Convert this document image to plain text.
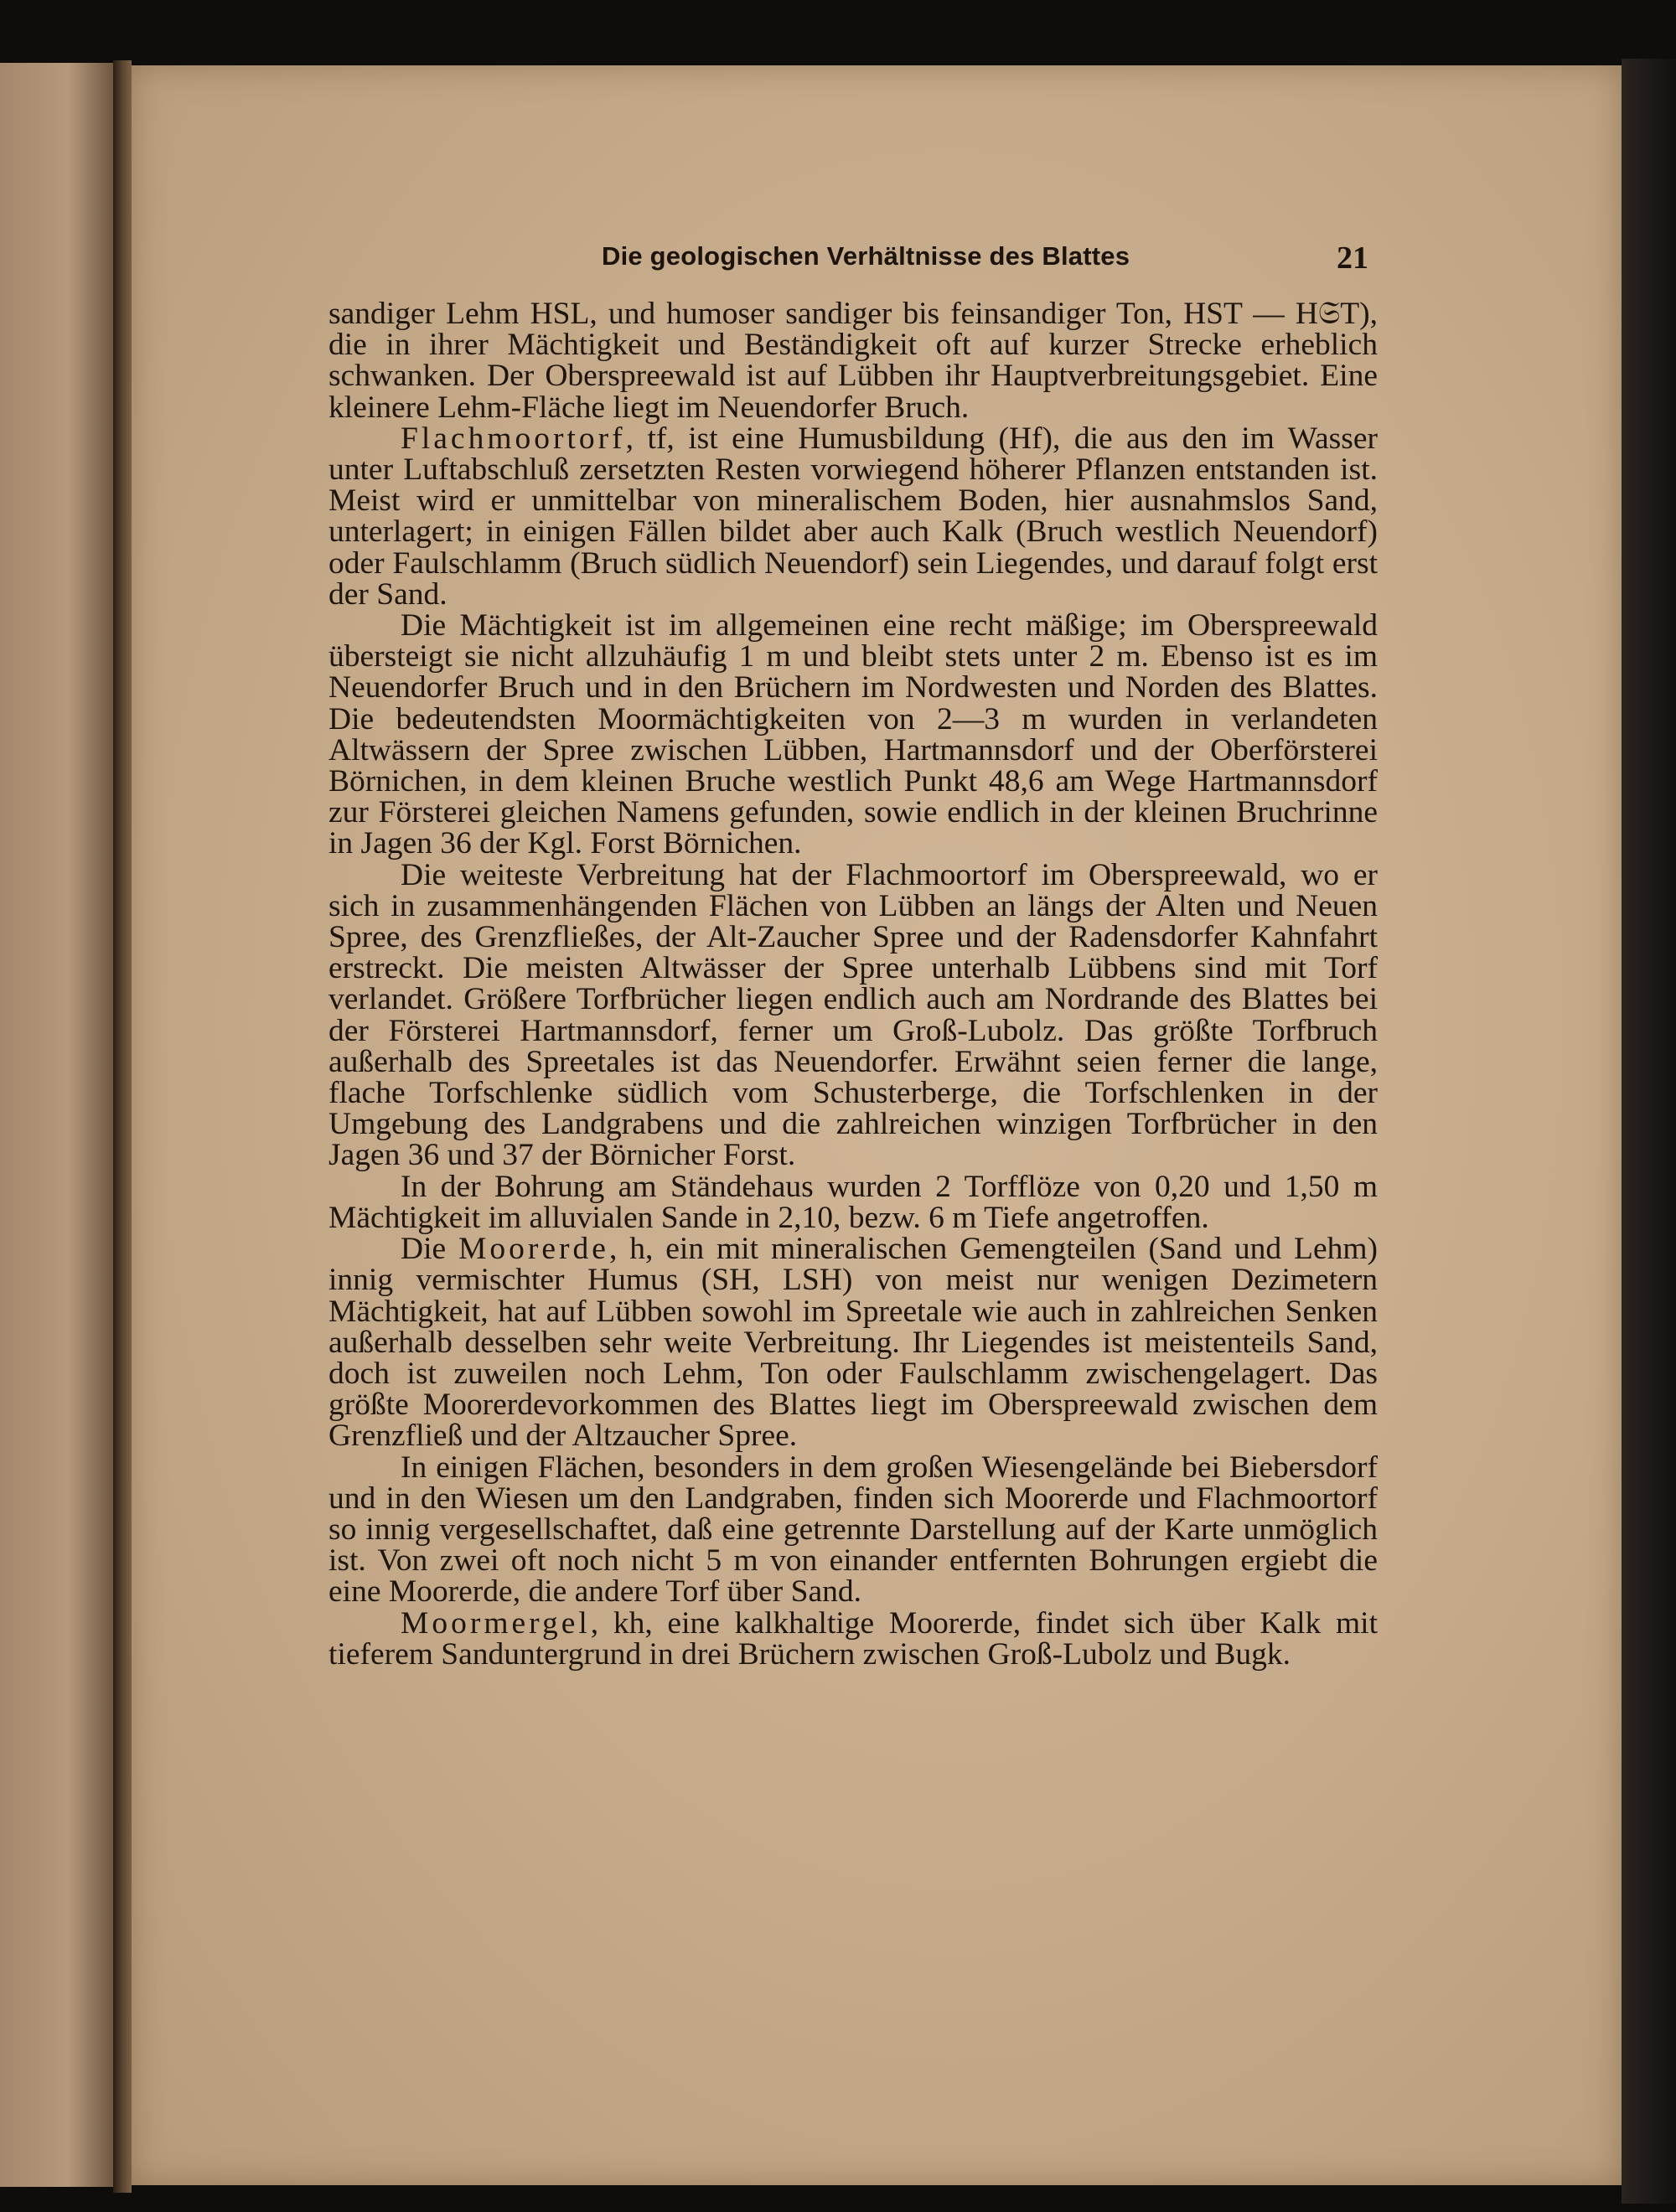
Die geologischen Verhältnisse des Blattes	21

sandiger Lehm HSL, und humoser sandiger bis feinsandiger Ton, HST — H𝔖T), die in ihrer Mächtigkeit und Beständigkeit oft auf kurzer Strecke erheblich schwanken. Der Oberspreewald ist auf Lübben ihr Hauptverbreitungsgebiet. Eine kleinere Lehm-Fläche liegt im Neuendorfer Bruch.

Flachmoortorf, tf, ist eine Humusbildung (Hf), die aus den im Wasser unter Luftabschluß zersetzten Resten vorwiegend höherer Pflanzen entstanden ist. Meist wird er unmittelbar von mineralischem Boden, hier ausnahmslos Sand, unterlagert; in einigen Fällen bildet aber auch Kalk (Bruch westlich Neuendorf) oder Faulschlamm (Bruch südlich Neuendorf) sein Liegendes, und darauf folgt erst der Sand.

Die Mächtigkeit ist im allgemeinen eine recht mäßige; im Oberspreewald übersteigt sie nicht allzuhäufig 1 m und bleibt stets unter 2 m. Ebenso ist es im Neuendorfer Bruch und in den Brüchern im Nordwesten und Norden des Blattes. Die bedeutendsten Moormächtigkeiten von 2—3 m wurden in verlandeten Altwässern der Spree zwischen Lübben, Hartmannsdorf und der Oberförsterei Börnichen, in dem kleinen Bruche westlich Punkt 48,6 am Wege Hartmannsdorf zur Försterei gleichen Namens gefunden, sowie endlich in der kleinen Bruchrinne in Jagen 36 der Kgl. Forst Börnichen.

Die weiteste Verbreitung hat der Flachmoortorf im Oberspreewald, wo er sich in zusammenhängenden Flächen von Lübben an längs der Alten und Neuen Spree, des Grenzfließes, der Alt-Zaucher Spree und der Radensdorfer Kahnfahrt erstreckt. Die meisten Altwässer der Spree unterhalb Lübbens sind mit Torf verlandet. Größere Torfbrücher liegen endlich auch am Nordrande des Blattes bei der Försterei Hartmannsdorf, ferner um Groß-Lubolz. Das größte Torfbruch außerhalb des Spreetales ist das Neuendorfer. Erwähnt seien ferner die lange, flache Torfschlenke südlich vom Schusterberge, die Torfschlenken in der Umgebung des Landgrabens und die zahlreichen winzigen Torfbrücher in den Jagen 36 und 37 der Börnicher Forst.

In der Bohrung am Ständehaus wurden 2 Torfflöze von 0,20 und 1,50 m Mächtigkeit im alluvialen Sande in 2,10, bezw. 6 m Tiefe angetroffen.

Die Moorerde, h, ein mit mineralischen Gemengteilen (Sand und Lehm) innig vermischter Humus (SH, LSH) von meist nur wenigen Dezimetern Mächtigkeit, hat auf Lübben sowohl im Spreetale wie auch in zahlreichen Senken außerhalb desselben sehr weite Verbreitung. Ihr Liegendes ist meistenteils Sand, doch ist zuweilen noch Lehm, Ton oder Faulschlamm zwischengelagert. Das größte Moorerdevorkommen des Blattes liegt im Oberspreewald zwischen dem Grenzfließ und der Altzaucher Spree.

In einigen Flächen, besonders in dem großen Wiesengelände bei Biebersdorf und in den Wiesen um den Landgraben, finden sich Moorerde und Flachmoortorf so innig vergesellschaftet, daß eine getrennte Darstellung auf der Karte unmöglich ist. Von zwei oft noch nicht 5 m von einander entfernten Bohrungen ergiebt die eine Moorerde, die andere Torf über Sand.

Moormergel, kh, eine kalkhaltige Moorerde, findet sich über Kalk mit tieferem Sanduntergrund in drei Brüchern zwischen Groß-Lubolz und Bugk.
